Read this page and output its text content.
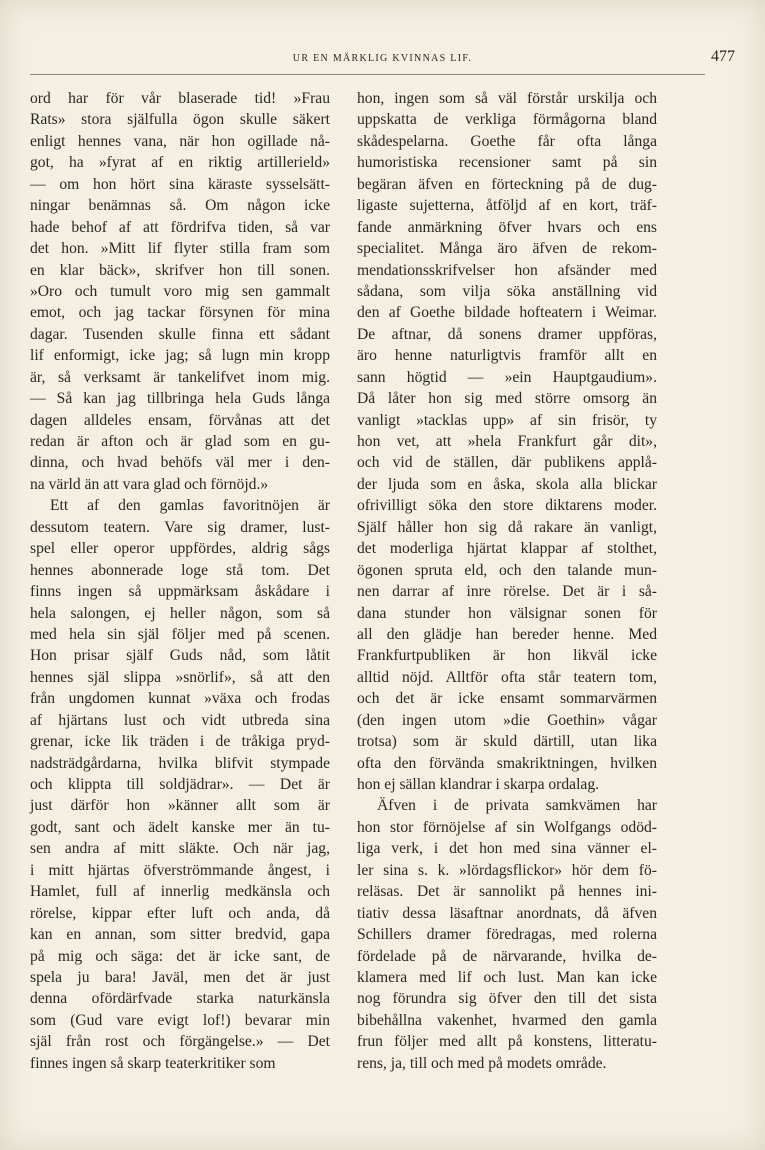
UR EN MÄRKLIG KVINNAS LIF.	477
ord har för vår blaserade tid! »Frau
Rats» stora själfulla ögon skulle säkert
enligt hennes vana, när hon ogillade nå-
got, ha »fyrat af en riktig artillerield»
— om hon hört sina käraste sysselsätt-
ningar benämnas så. Om någon icke
hade behof af att fördrifva tiden, så var
det hon. »Mitt lif flyter stilla fram som
en klar bäck», skrifver hon till sonen.
»Oro och tumult voro mig sen gammalt
emot, och jag tackar försynen för mina
dagar. Tusenden skulle finna ett sådant
lif enformigt, icke jag; så lugn min kropp
är, så verksamt är tankelifvet inom mig.
— Så kan jag tillbringa hela Guds långa
dagen alldeles ensam, förvånas att det
redan är afton och är glad som en gu-
dinna, och hvad behöfs väl mer i den-
na värld än att vara glad och förnöjd.»
Ett af den gamlas favoritnöjen är
dessutom teatern. Vare sig dramer, lust-
spel eller operor uppfördes, aldrig sågs
hennes abonnerade loge stå tom. Det
finns ingen så uppmärksam åskådare i
hela salongen, ej heller någon, som så
med hela sin själ följer med på scenen.
Hon prisar själf Guds nåd, som låtit
hennes själ slippa »snörlif», så att den
från ungdomen kunnat »växa och frodas
af hjärtans lust och vidt utbreda sina
grenar, icke lik träden i de tråkiga pryd-
nadsträdgårdarna, hvilka blifvit stympade
och klippta till soldjädrar». — Det är
just därför hon »känner allt som är
godt, sant och ädelt kanske mer än tu-
sen andra af mitt släkte. Och när jag,
i mitt hjärtas öfverströmmande ångest, i
Hamlet, full af innerlig medkänsla och
rörelse, kippar efter luft och anda, då
kan en annan, som sitter bredvid, gapa
på mig och säga: det är icke sant, de
spela ju bara! Javäl, men det är just
denna ofördärfvade starka naturkänsla
som (Gud vare evigt lof!) bevarar min
själ från rost och förgängelse.» — Det
finnes ingen så skarp teaterkritiker som
hon, ingen som så väl förstår urskilja och
uppskatta de verkliga förmågorna bland
skådespelarna. Goethe får ofta långa
humoristiska recensioner samt på sin
begäran äfven en förteckning på de dug-
ligaste sujetterna, åtföljd af en kort, träf-
fande anmärkning öfver hvars och ens
specialitet. Många äro äfven de rekom-
mendationsskrifvelser hon afsänder med
sådana, som vilja söka anställning vid
den af Goethe bildade hofteatern i Weimar.
De aftnar, då sonens dramer uppföras,
äro henne naturligtvis framför allt en
sann högtid — »ein Hauptgaudium».
Då låter hon sig med större omsorg än
vanligt »tacklas upp» af sin frisör, ty
hon vet, att »hela Frankfurt går dit»,
och vid de ställen, där publikens applå-
der ljuda som en åska, skola alla blickar
ofrivilligt söka den store diktarens moder.
Själf håller hon sig då rakare än vanligt,
det moderliga hjärtat klappar af stolthet,
ögonen spruta eld, och den talande mun-
nen darrar af inre rörelse. Det är i så-
dana stunder hon välsignar sonen för
all den glädje han bereder henne. Med
Frankfurtpubliken är hon likväl icke
alltid nöjd. Alltför ofta står teatern tom,
och det är icke ensamt sommarvärmen
(den ingen utom »die Goethin» vågar
trotsa) som är skuld därtill, utan lika
ofta den förvända smakriktningen, hvilken
hon ej sällan klandrar i skarpa ordalag.
Äfven i de privata samkvämen har
hon stor förnöjelse af sin Wolfgangs odöd-
liga verk, i det hon med sina vänner el-
ler sina s. k. »lördagsflickor» hör dem fö-
reläsas. Det är sannolikt på hennes ini-
tiativ dessa läsaftnar anordnats, då äfven
Schillers dramer föredragas, med rolerna
fördelade på de närvarande, hvilka de-
klamera med lif och lust. Man kan icke
nog förundra sig öfver den till det sista
bibehållna vakenhet, hvarmed den gamla
frun följer med allt på konstens, litteratu-
rens, ja, till och med på modets område.
